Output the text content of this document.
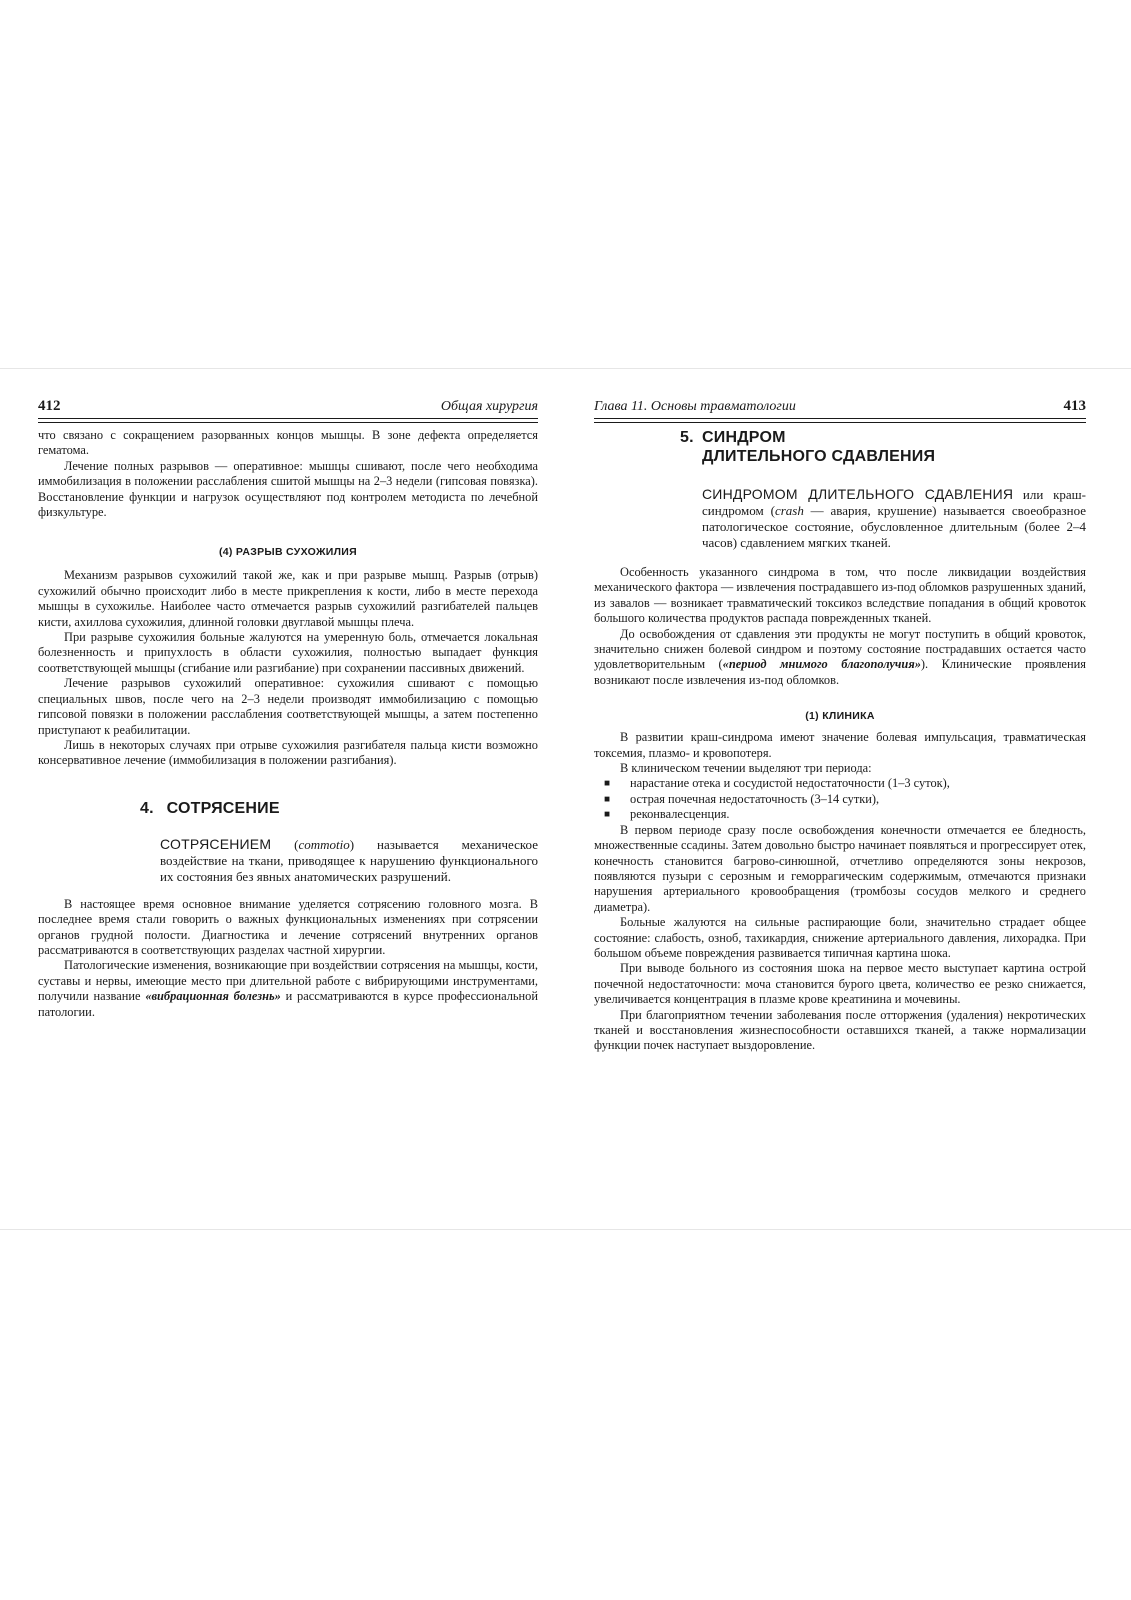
412	Общая хирургия

что связано с сокращением разорванных концов мышцы. В зоне дефекта определяется гематома.

Лечение полных разрывов — оперативное: мышцы сшивают, после чего необходима иммобилизация в положении расслабления сшитой мышцы на 2–3 недели (гипсовая повязка). Восстановление функции и нагрузок осуществляют под контролем методиста по лечебной физкультуре.

(4) РАЗРЫВ СУХОЖИЛИЯ

Механизм разрывов сухожилий такой же, как и при разрыве мышц. Разрыв (отрыв) сухожилий обычно происходит либо в месте прикрепления к кости, либо в месте перехода мышцы в сухожилье. Наиболее часто отмечается разрыв сухожилий разгибателей пальцев кисти, ахиллова сухожилия, длинной головки двуглавой мышцы плеча.

При разрыве сухожилия больные жалуются на умеренную боль, отмечается локальная болезненность и припухлость в области сухожилия, полностью выпадает функция соответствующей мышцы (сгибание или разгибание) при сохранении пассивных движений.

Лечение разрывов сухожилий оперативное: сухожилия сшивают с помощью специальных швов, после чего на 2–3 недели производят иммобилизацию с помощью гипсовой повязки в положении расслабления соответствующей мышцы, а затем постепенно приступают к реабилитации.

Лишь в некоторых случаях при отрыве сухожилия разгибателя пальца кисти возможно консервативное лечение (иммобилизация в положении разгибания).

4. СОТРЯСЕНИЕ
СОТРЯСЕНИЕМ (commotio) называется механическое воздействие на ткани, приводящее к нарушению функционального их состояния без явных анатомических разрушений.

В настоящее время основное внимание уделяется сотрясению головного мозга. В последнее время стали говорить о важных функциональных изменениях при сотрясении органов грудной полости. Диагностика и лечение сотрясений внутренних органов рассматриваются в соответствующих разделах частной хирургии.

Патологические изменения, возникающие при воздействии сотрясения на мышцы, кости, суставы и нервы, имеющие место при длительной работе с вибрирующими инструментами, получили название «вибрационная болезнь» и рассматриваются в курсе профессиональной патологии.

Глава 11. Основы травматологии	413
5. СИНДРОМ
ДЛИТЕЛЬНОГО СДАВЛЕНИЯ
СИНДРОМОМ ДЛИТЕЛЬНОГО СДАВЛЕНИЯ или краш-синдромом (crash — авария, крушение) называется своеобразное патологическое состояние, обусловленное длительным (более 2–4 часов) сдавлением мягких тканей.

Особенность указанного синдрома в том, что после ликвидации воздействия механического фактора — извлечения пострадавшего из-под обломков разрушенных зданий, из завалов — возникает травматический токсикоз вследствие попадания в общий кровоток большого количества продуктов распада поврежденных тканей.

До освобождения от сдавления эти продукты не могут поступить в общий кровоток, значительно снижен болевой синдром и поэтому состояние пострадавших остается часто удовлетворительным («период мнимого благополучия»). Клинические проявления возникают после извлечения из-под обломков.

(1) КЛИНИКА

В развитии краш-синдрома имеют значение болевая импульсация, травматическая токсемия, плазмо- и кровопотеря.

В клиническом течении выделяют три периода:

■ нарастание отека и сосудистой недостаточности (1–3 суток),
■ острая почечная недостаточность (3–14 сутки),
■ реконвалесценция.

В первом периоде сразу после освобождения конечности отмечается ее бледность, множественные ссадины. Затем довольно быстро начинает появляться и прогрессирует отек, конечность становится багрово-синюшной, отчетливо определяются зоны некрозов, появляются пузыри с серозным и геморрагическим содержимым, отмечаются признаки нарушения артериального кровообращения (тромбозы сосудов мелкого и среднего диаметра).

Больные жалуются на сильные распирающие боли, значительно страдает общее состояние: слабость, озноб, тахикардия, снижение артериального давления, лихорадка. При большом объеме повреждения развивается типичная картина шока.

При выводе больного из состояния шока на первое место выступает картина острой почечной недостаточности: моча становится бурого цвета, количество ее резко снижается, увеличивается концентрация в плазме крове креатинина и мочевины.

При благоприятном течении заболевания после отторжения (удаления) некротических тканей и восстановления жизнеспособности оставшихся тканей, а также нормализации функции почек наступает выздоровление.
